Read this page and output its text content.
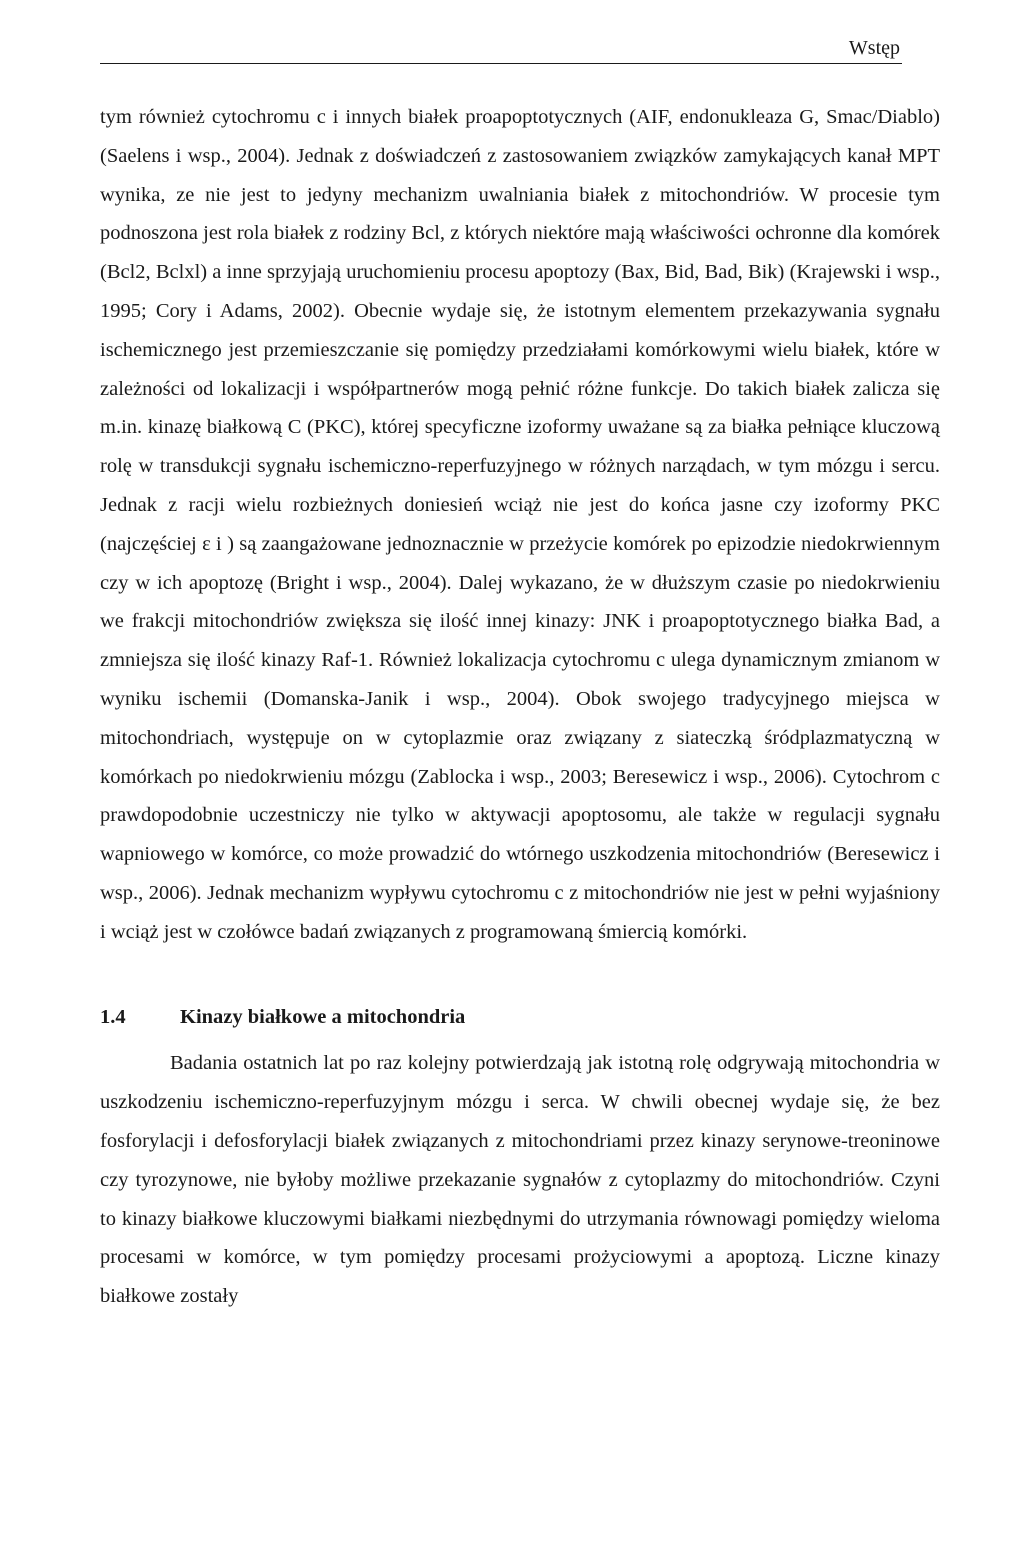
Wstęp

tym również cytochromu c i innych białek proapoptotycznych (AIF, endonukleaza G, Smac/Diablo) (Saelens i wsp., 2004). Jednak z doświadczeń z zastosowaniem związków zamykających kanał MPT wynika, ze nie jest to jedyny mechanizm uwalniania białek z mitochondriów. W procesie tym podnoszona jest rola białek z rodziny Bcl, z których niektóre mają właściwości ochronne dla komórek (Bcl2, Bclxl) a inne sprzyjają uruchomieniu procesu apoptozy (Bax, Bid, Bad, Bik) (Krajewski i wsp., 1995; Cory i Adams, 2002). Obecnie wydaje się, że istotnym elementem przekazywania sygnału ischemicznego jest przemieszczanie się pomiędzy przedziałami komórkowymi wielu białek, które w zależności od lokalizacji i współpartnerów mogą pełnić różne funkcje. Do takich białek zalicza się m.in. kinazę białkową C (PKC), której specyficzne izoformy uważane są za białka pełniące kluczową rolę w transdukcji sygnału ischemiczno-reperfuzyjnego w różnych narządach, w tym mózgu i sercu. Jednak z racji wielu rozbieżnych doniesień wciąż nie jest do końca jasne czy izoformy PKC (najczęściej ε i ) są zaangażowane jednoznacznie w przeżycie komórek po epizodzie niedokrwiennym czy w ich apoptozę (Bright i wsp., 2004). Dalej wykazano, że w dłuższym czasie po niedokrwieniu we frakcji mitochondriów zwiększa się ilość innej kinazy: JNK i proapoptotycznego białka Bad, a zmniejsza się ilość kinazy Raf-1. Również lokalizacja cytochromu c ulega dynamicznym zmianom w wyniku ischemii (Domanska-Janik i wsp., 2004). Obok swojego tradycyjnego miejsca w mitochondriach, występuje on w cytoplazmie oraz związany z siateczką śródplazmatyczną w komórkach po niedokrwieniu mózgu (Zablocka i wsp., 2003; Beresewicz i wsp., 2006). Cytochrom c prawdopodobnie uczestniczy nie tylko w aktywacji apoptosomu, ale także w regulacji sygnału wapniowego w komórce, co może prowadzić do wtórnego uszkodzenia mitochondriów (Beresewicz i wsp., 2006). Jednak mechanizm wypływu cytochromu c z mitochondriów nie jest w pełni wyjaśniony i wciąż jest w czołówce badań związanych z programowaną śmiercią komórki.

1.4	Kinazy białkowe a mitochondria

Badania ostatnich lat po raz kolejny potwierdzają jak istotną rolę odgrywają mitochondria w uszkodzeniu ischemiczno-reperfuzyjnym mózgu i serca. W chwili obecnej wydaje się, że bez fosforylacji i defosforylacji białek związanych z mitochondriami przez kinazy serynowe-treoninowe czy tyrozynowe, nie byłoby możliwe przekazanie sygnałów z cytoplazmy do mitochondriów. Czyni to kinazy białkowe kluczowymi białkami niezbędnymi do utrzymania równowagi pomiędzy wieloma procesami w komórce, w tym pomiędzy procesami prożyciowymi a apoptozą. Liczne kinazy białkowe zostały
